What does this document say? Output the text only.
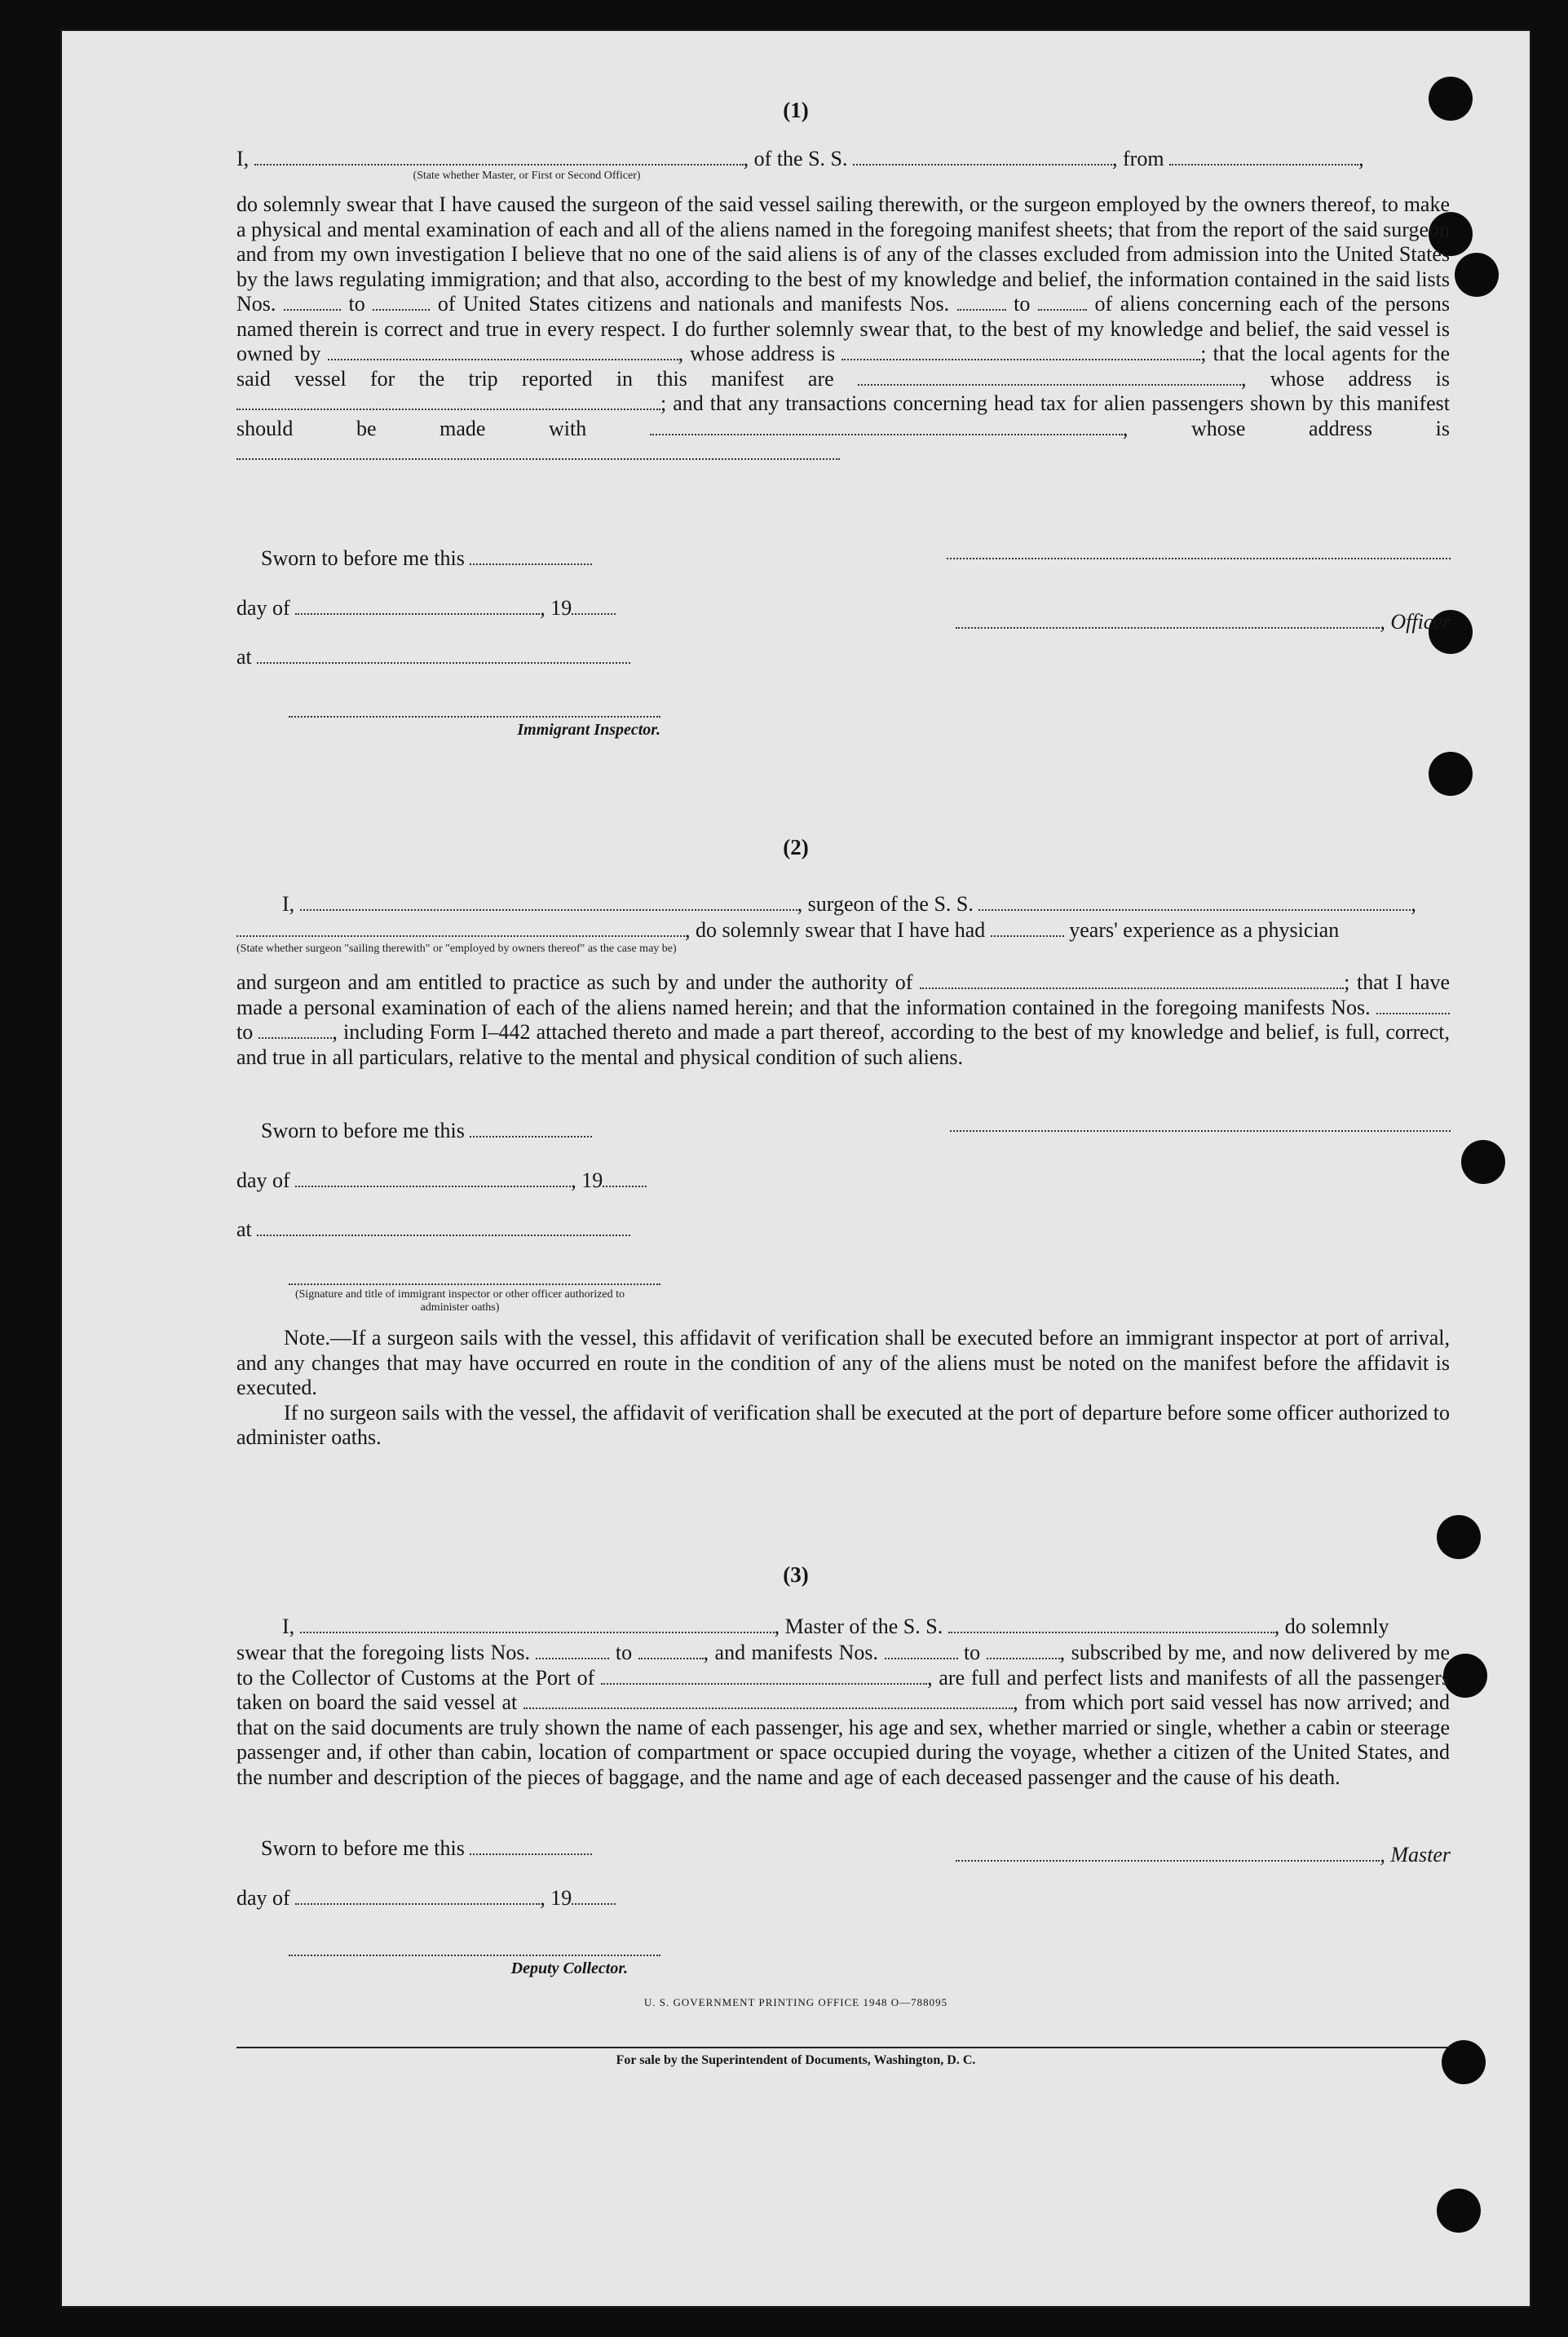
(1)
I,	, of the S. S.	, from	,
(State whether Master, or First or Second Officer)
do solemnly swear that I have caused the surgeon of the said vessel sailing therewith, or the surgeon employed by the owners thereof, to make a physical and mental examination of each and all of the aliens named in the foregoing manifest sheets; that from the report of the said surgeon and from my own investigation I believe that no one of the said aliens is of any of the classes excluded from admission into the United States by the laws regulating immigration; and that also, according to the best of my knowledge and belief, the information contained in the said lists Nos.	to	of United States citizens and nationals and manifests Nos.	to	of aliens concerning each of the persons named therein is correct and true in every respect. I do further solemnly swear that, to the best of my knowledge and belief, the said vessel is owned by	, whose address is	; that the local agents for the said vessel for the trip reported in this manifest are	, whose address is ; and that any transactions concerning head tax for alien passengers shown by this manifest should be made with	, whose address is
Sworn to before me this
day of	, 19
at
Immigrant Inspector.
, Officer
(2)
I,	, surgeon of the S. S.	,
, do solemnly swear that I have had	years' experience as a physician
(State whether surgeon "sailing therewith" or "employed by owners thereof" as the case may be)
and surgeon and am entitled to practice as such by and under the authority of	; that I have made a personal examination of each of the aliens named herein; and that the information contained in the foregoing manifests Nos.  to	, including Form I–442 attached thereto and made a part thereof, according to the best of my knowledge and belief, is full, correct, and true in all particulars, relative to the mental and physical condition of such aliens.
Sworn to before me this
day of	, 19
at
(Signature and title of immigrant inspector or other officer authorized to administer oaths)
Note.—If a surgeon sails with the vessel, this affidavit of verification shall be executed before an immigrant inspector at port of arrival, and any changes that may have occurred en route in the condition of any of the aliens must be noted on the manifest before the affidavit is executed.
If no surgeon sails with the vessel, the affidavit of verification shall be executed at the port of departure before some officer authorized to administer oaths.
(3)
I,	, Master of the S. S.	, do solemnly
swear that the foregoing lists Nos.	to	, and manifests Nos.	to	, subscribed by me, and now delivered by me to the Collector of Customs at the Port of	, are full and perfect lists and manifests of all the passengers taken on board the said vessel at	, from which port said vessel has now arrived; and that on the said documents are truly shown the name of each passenger, his age and sex, whether married or single, whether a cabin or steerage passenger and, if other than cabin, location of compartment or space occupied during the voyage, whether a citizen of the United States, and the number and description of the pieces of baggage, and the name and age of each deceased passenger and the cause of his death.
Sworn to before me this
day of	, 19
Deputy Collector.
, Master
U. S. GOVERNMENT PRINTING OFFICE 1948 O—788095
For sale by the Superintendent of Documents, Washington, D. C.
